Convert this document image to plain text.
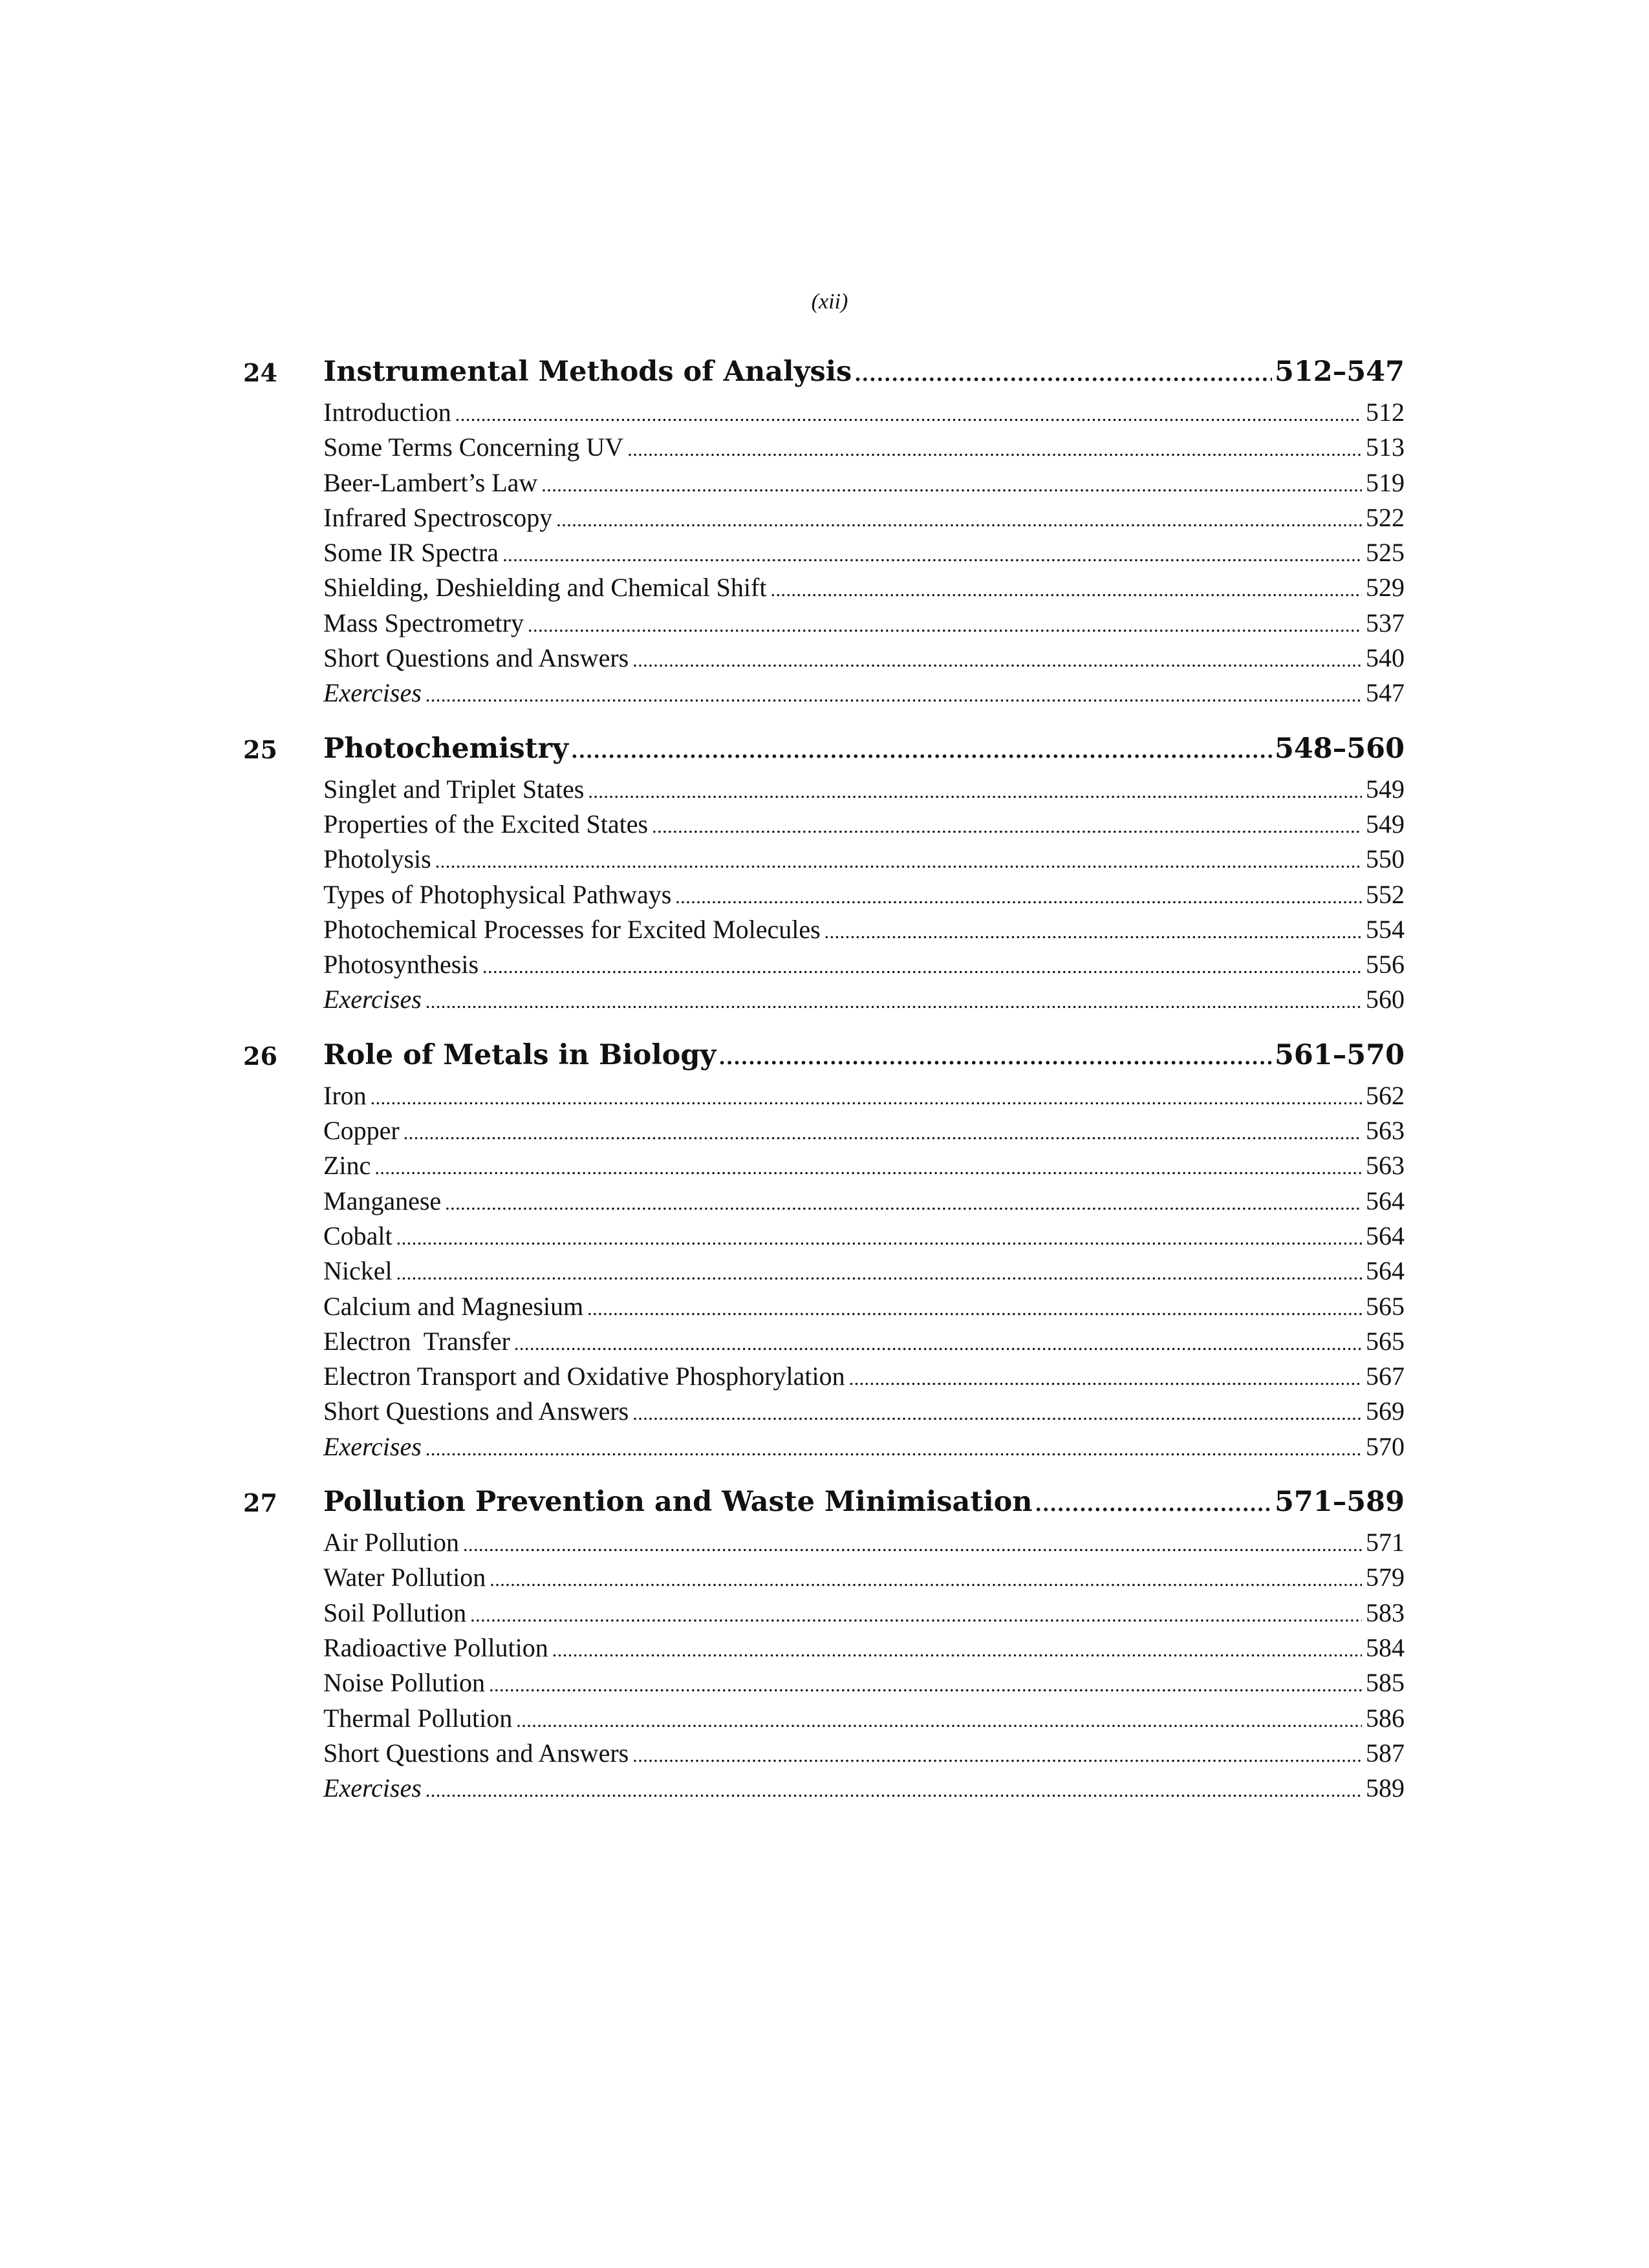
(xii)
24 Instrumental Methods of Analysis .....	512–547
Introduction .....	512
Some Terms Concerning UV .....	513
Beer-Lambert’s Law .....	519
Infrared Spectroscopy .....	522
Some IR Spectra .....	525
Shielding, Deshielding and Chemical Shift .....	529
Mass Spectrometry .....	537
Short Questions and Answers .....	540
Exercises .....	547
25 Photochemistry .....	548–560
Singlet and Triplet States .....	549
Properties of the Excited States .....	549
Photolysis .....	550
Types of Photophysical Pathways .....	552
Photochemical Processes for Excited Molecules .....	554
Photosynthesis .....	556
Exercises .....	560
26 Role of Metals in Biology .....	561–570
Iron .....	562
Copper .....	563
Zinc .....	563
Manganese .....	564
Cobalt .....	564
Nickel .....	564
Calcium and Magnesium .....	565
Electron  Transfer .....	565
Electron Transport and Oxidative Phosphorylation .....	567
Short Questions and Answers .....	569
Exercises .....	570
27 Pollution Prevention and Waste Minimisation .....	571–589
Air Pollution .....	571
Water Pollution .....	579
Soil Pollution .....	583
Radioactive Pollution .....	584
Noise Pollution .....	585
Thermal Pollution .....	586
Short Questions and Answers .....	587
Exercises .....	589
